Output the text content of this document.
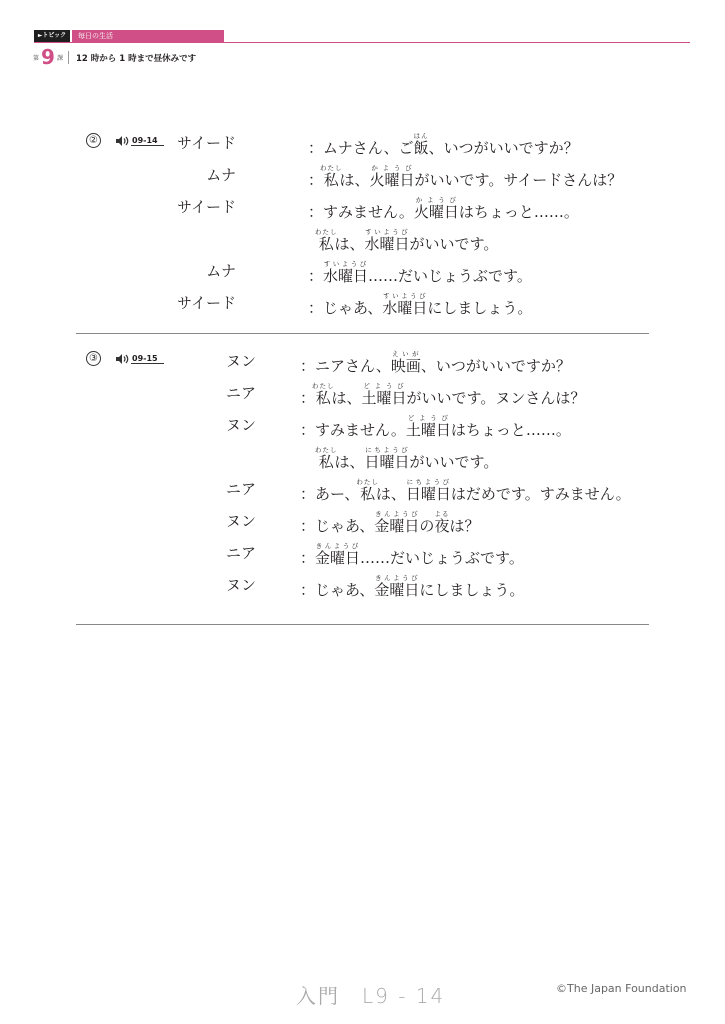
►トピック	毎日の生活
第 9 課 12 時から 1 時まで昼休みです
②	09-14	サイード	：ムナさん、ご飯はん、いつがいいですか？
ムナ	：私わたしは、火曜日かようびがいいです。サイードさんは？
サイード	：すみません。火曜日かようびはちょっと……。
私わたしは、水曜日すいようびがいいです。
ムナ	：水曜日すいようび……だいじょうぶです。
サイード	：じゃあ、水曜日すいようびにしましょう。
③	09-15	ヌン	：ニアさん、映画えいが、いつがいいですか？
ニア	：私わたしは、土曜日どようびがいいです。ヌンさんは？
ヌン	：すみません。土曜日どようびはちょっと……。
私わたしは、日曜日にちようびがいいです。
ニア	：あー、私わたしは、日曜日にちようびはだめです。すみません。
ヌン	：じゃあ、金曜日きんようびの夜よるは？
ニア	：金曜日きんようび……だいじょうぶです。
ヌン	：じゃあ、金曜日きんようびにしましょう。
入門　L9 - 14	©The Japan Foundation
